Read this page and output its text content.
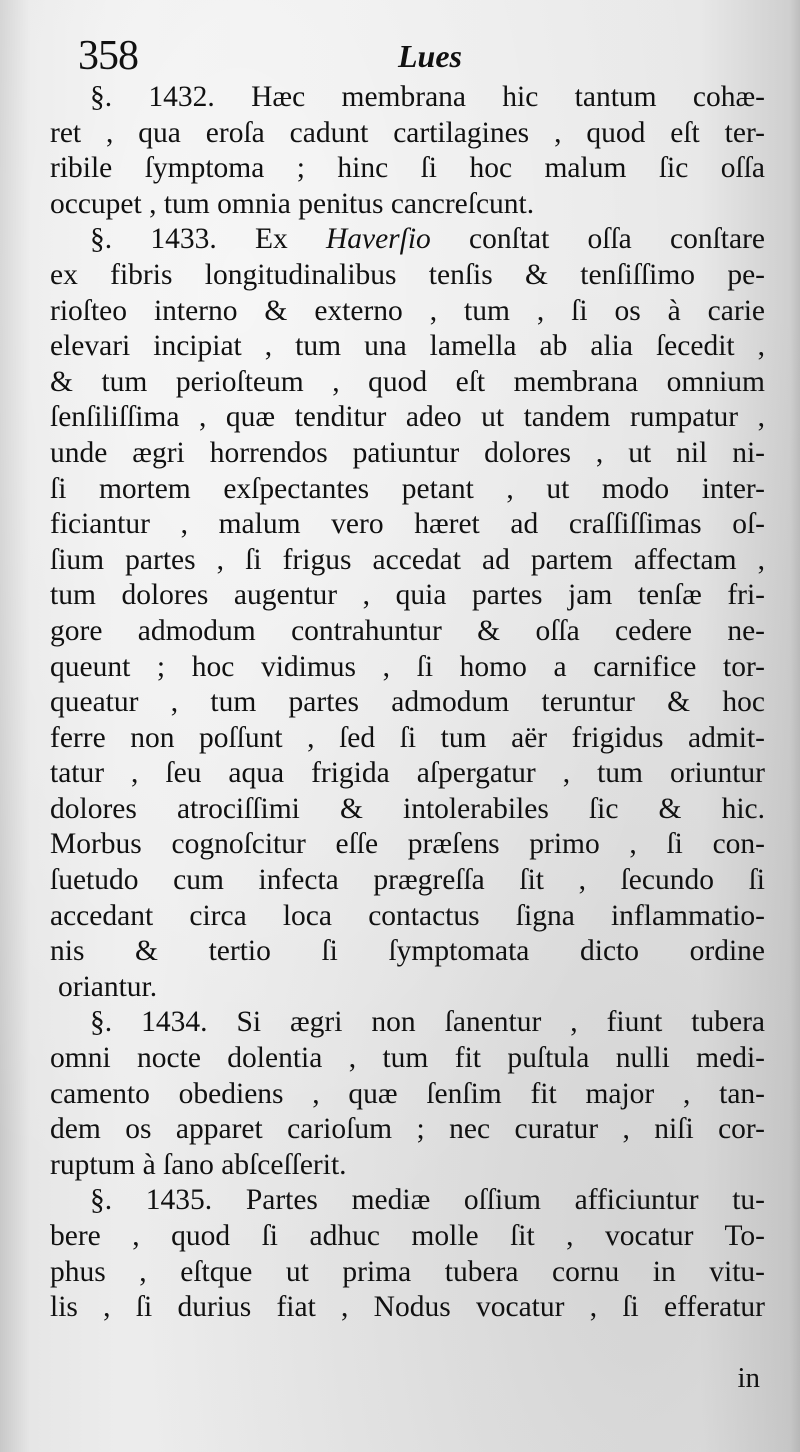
358	Lues
§. 1432. Hæc membrana hic tantum cohæ-
ret , qua eroſa cadunt cartilagines , quod eſt ter-
ribile ſymptoma ; hinc ſi hoc malum ſic oſſa
occupet , tum omnia penitus cancreſcunt.
§. 1433. Ex Haverſio conſtat oſſa conſtare
ex fibris longitudinalibus tenſis & tenſiſſimo pe-
rioſteo interno & externo , tum , ſi os à carie
elevari incipiat , tum una lamella ab alia ſecedit ,
& tum perioſteum , quod eſt membrana omnium
ſenſiliſſima , quæ tenditur adeo ut tandem rumpatur ,
unde ægri horrendos patiuntur dolores , ut nil ni-
ſi mortem exſpectantes petant , ut modo inter-
ficiantur , malum vero hæret ad craſſiſſimas oſ-
ſium partes , ſi frigus accedat ad partem affectam ,
tum dolores augentur , quia partes jam tenſæ fri-
gore admodum contrahuntur & oſſa cedere ne-
queunt ; hoc vidimus , ſi homo a carnifice tor-
queatur , tum partes admodum teruntur & hoc
ferre non poſſunt , ſed ſi tum aër frigidus admit-
tatur , ſeu aqua frigida aſpergatur , tum oriuntur
dolores atrociſſimi & intolerabiles ſic & hic.
Morbus cognoſcitur eſſe præſens primo , ſi con-
ſuetudo cum infecta prægreſſa ſit , ſecundo ſi
accedant circa loca contactus ſigna inflammatio-
nis & tertio ſi ſymptomata dicto ordine
oriantur.
§. 1434. Si ægri non ſanentur , fiunt tubera
omni nocte dolentia , tum fit puſtula nulli medi-
camento obediens , quæ ſenſim fit major , tan-
dem os apparet carioſum ; nec curatur , niſi cor-
ruptum à ſano abſceſſerit.
§. 1435. Partes mediæ oſſium afficiuntur tu-
bere , quod ſi adhuc molle ſit , vocatur To-
phus , eſtque ut prima tubera cornu in vitu-
lis , ſi durius fiat , Nodus vocatur , ſi efferatur
in
